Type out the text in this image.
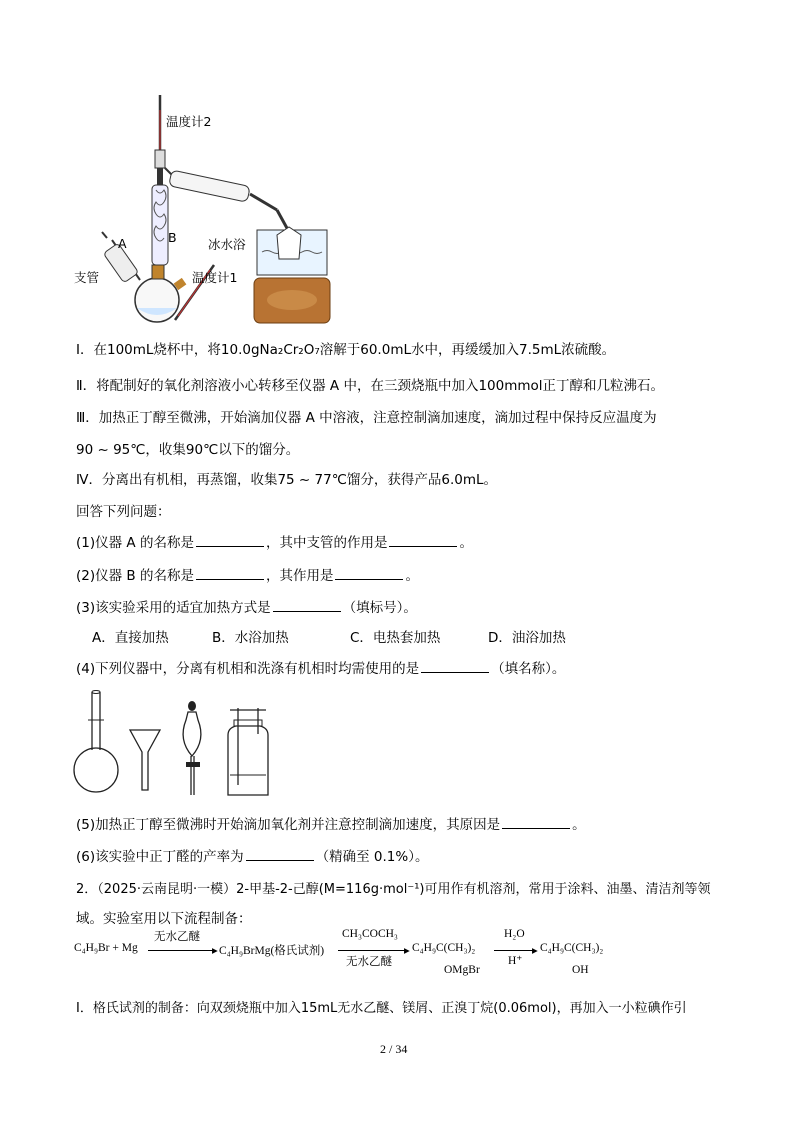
温度计2
B
A
支管	温度计1
冰水浴
Ⅰ．在100mL烧杯中，将10.0gNa₂Cr₂O₇溶解于60.0mL水中，再缓缓加入7.5mL浓硫酸。
Ⅱ．将配制好的氧化剂溶液小心转移至仪器 A 中，在三颈烧瓶中加入100mmol正丁醇和几粒沸石。
Ⅲ．加热正丁醇至微沸，开始滴加仪器 A 中溶液，注意控制滴加速度，滴加过程中保持反应温度为
90 ~ 95℃，收集90℃以下的馏分。
Ⅳ．分离出有机相，再蒸馏，收集75 ~ 77℃馏分，获得产品6.0mL。
回答下列问题：
(1)仪器 A 的名称是	，其中支管的作用是	。
(2)仪器 B 的名称是	，其作用是	。
(3)该实验采用的适宜加热方式是	（填标号）。
A．直接加热	B．水浴加热	C．电热套加热	D．油浴加热
(4)下列仪器中，分离有机相和洗涤有机相时均需使用的是	（填名称）。
(5)加热正丁醇至微沸时开始滴加氧化剂并注意控制滴加速度，其原因是	。
(6)该实验中正丁醛的产率为	（精确至 0.1%）。
2．（2025·云南昆明·一模）2-甲基-2-己醇(M=116g·mol⁻¹)可用作有机溶剂，常用于涂料、油墨、清洁剂等领
域。实验室用以下流程制备：
C₄H₉Br + Mg
无水乙醚
▸ C₄H₉BrMg(格氏试剂)
CH₃COCH₃
▸
无水乙醚
C₄H₉C(CH₃)₂
OMgBr
H₂O
▸
H⁺
C₄H₉C(CH₃)₂
OH
Ⅰ．格氏试剂的制备：向双颈烧瓶中加入15mL无水乙醚、镁屑、正溴丁烷(0.06mol)，再加入一小粒碘作引
2 / 34
